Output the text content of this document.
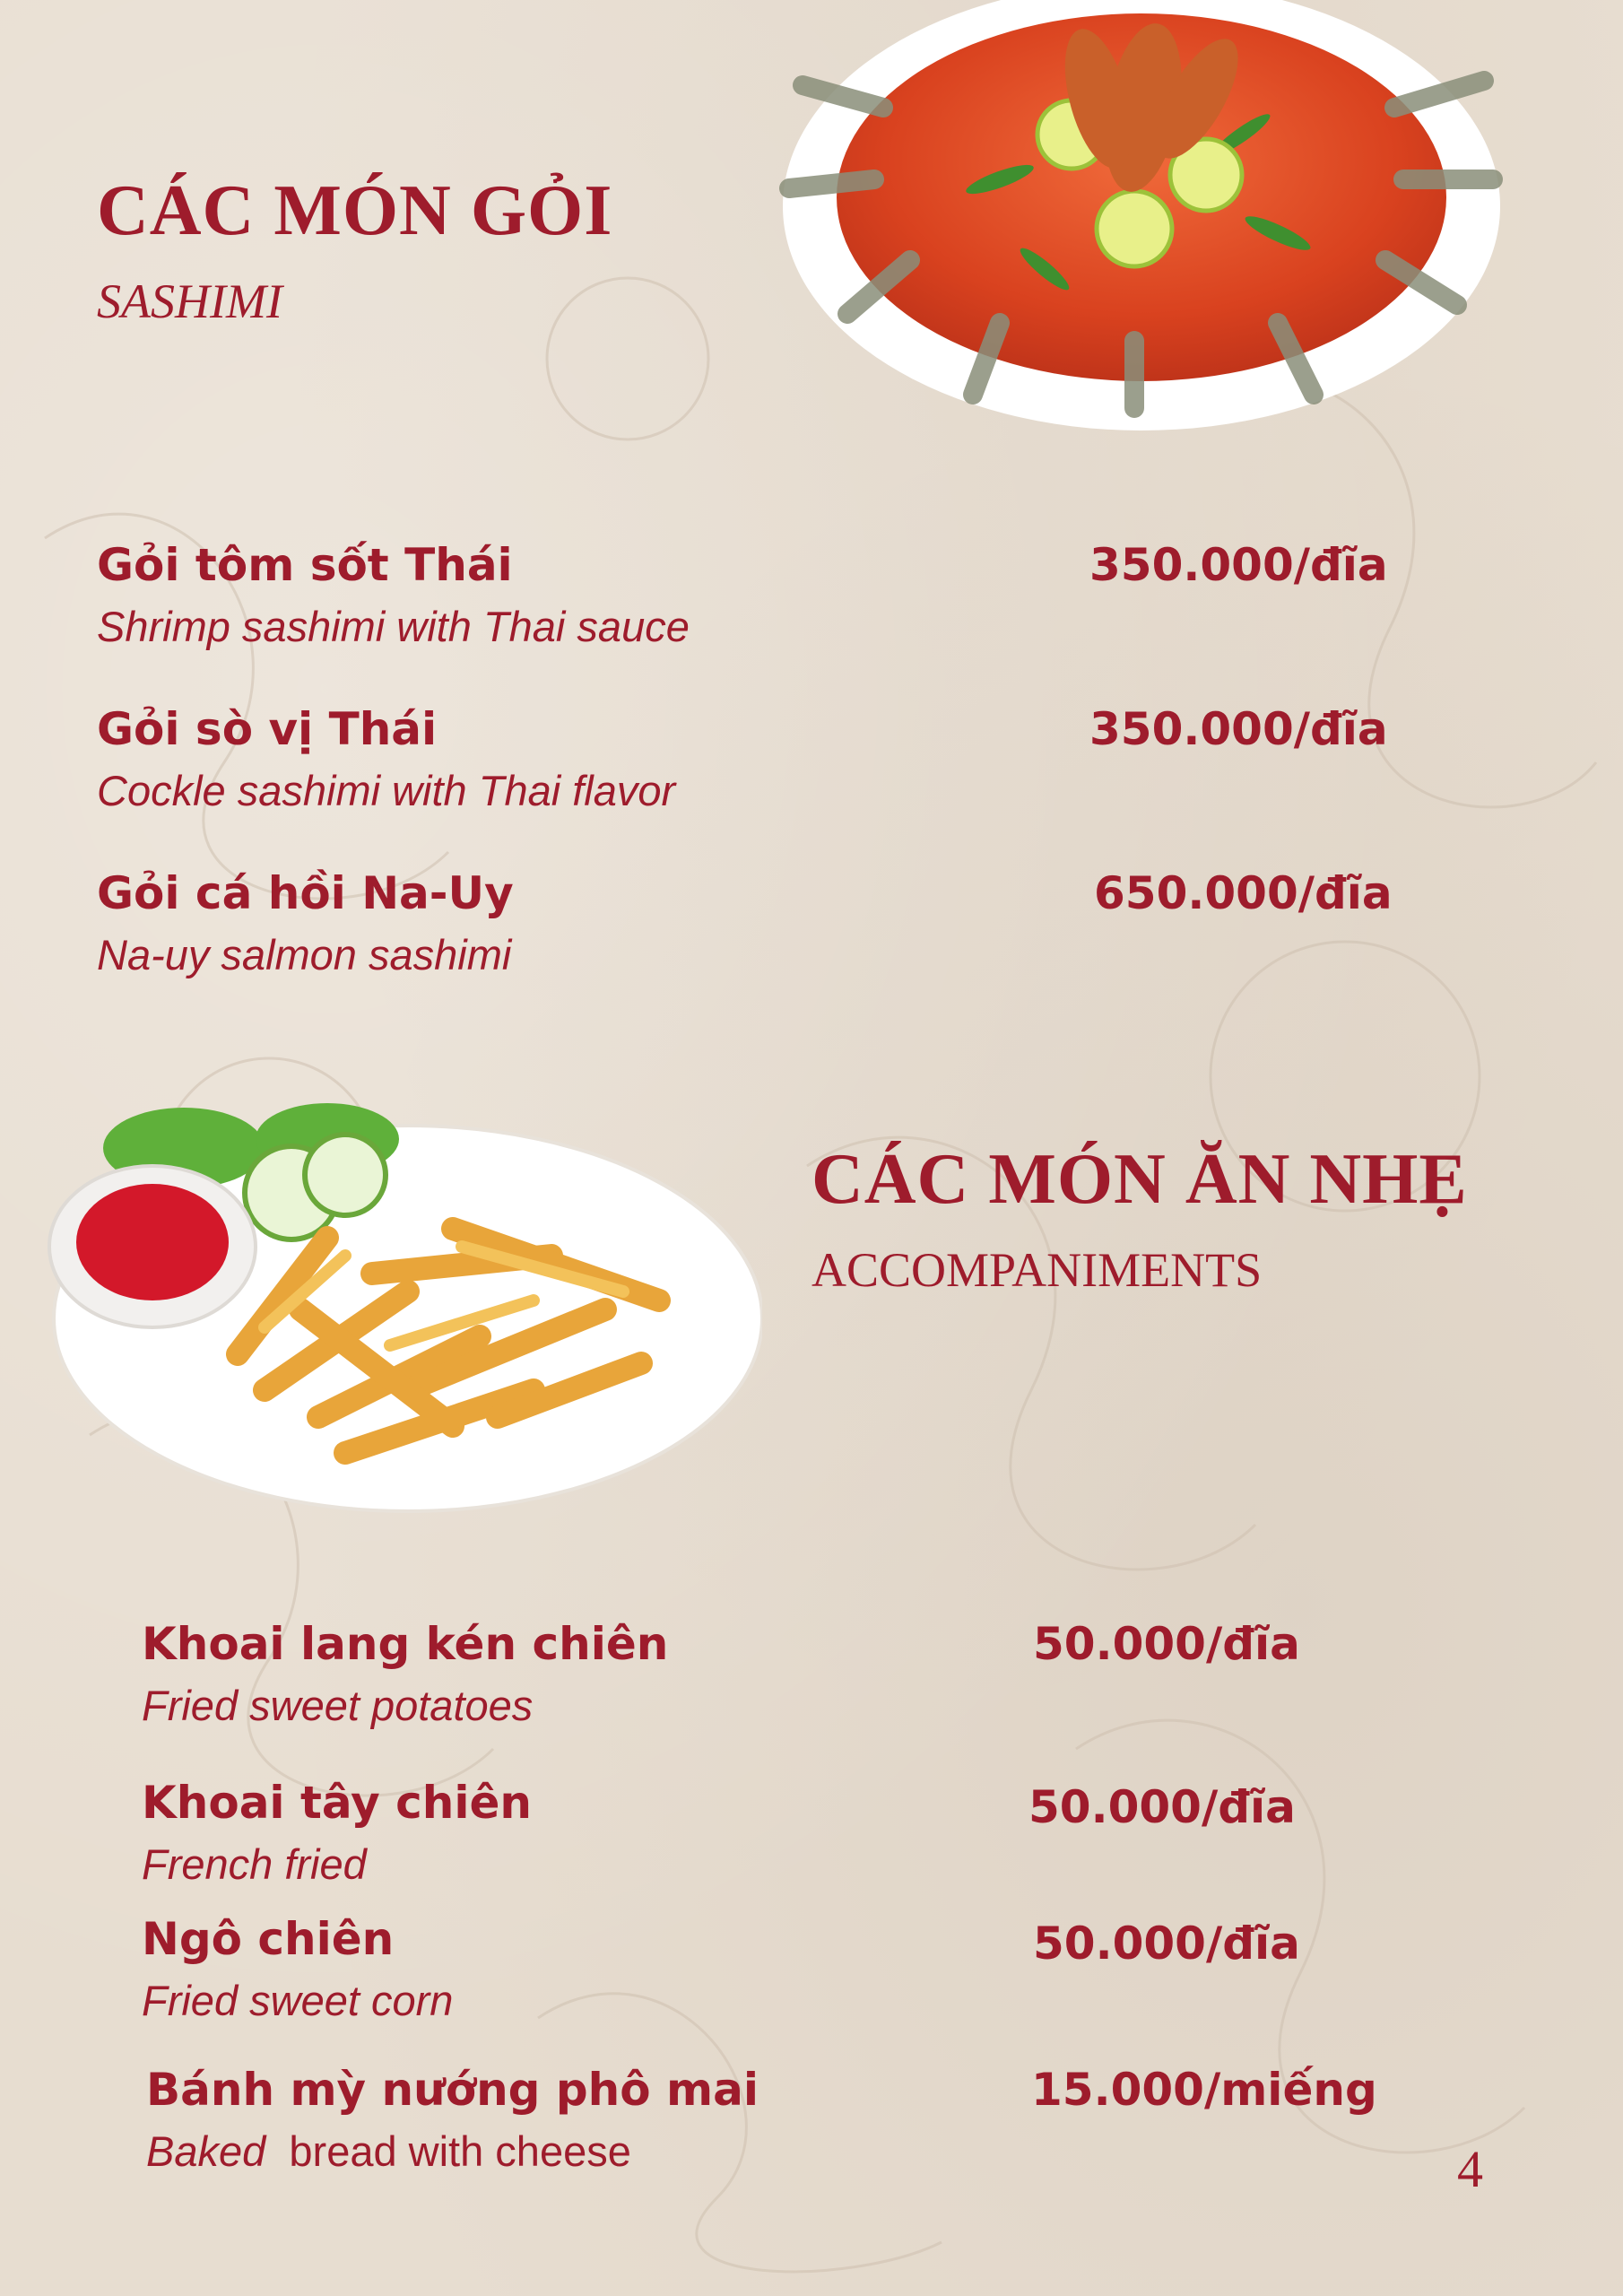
CÁC MÓN GỎI

SASHIMI

Gỏi tôm sốt Thái
Shrimp sashimi with Thai sauce
350.000/đĩa
Gỏi sò vị Thái
Cockle sashimi with Thai flavor
350.000/đĩa
Gỏi cá hồi Na-Uy
Na-uy salmon sashimi
650.000/đĩa
CÁC MÓN ĂN NHẸ

ACCOMPANIMENTS

Khoai lang kén chiên
Fried sweet potatoes
50.000/đĩa
Khoai tây chiên
French fried
50.000/đĩa
Ngô chiên
Fried sweet corn
50.000/đĩa
Bánh mỳ nướng phô mai
Baked  bread with cheese
15.000/miếng
4
